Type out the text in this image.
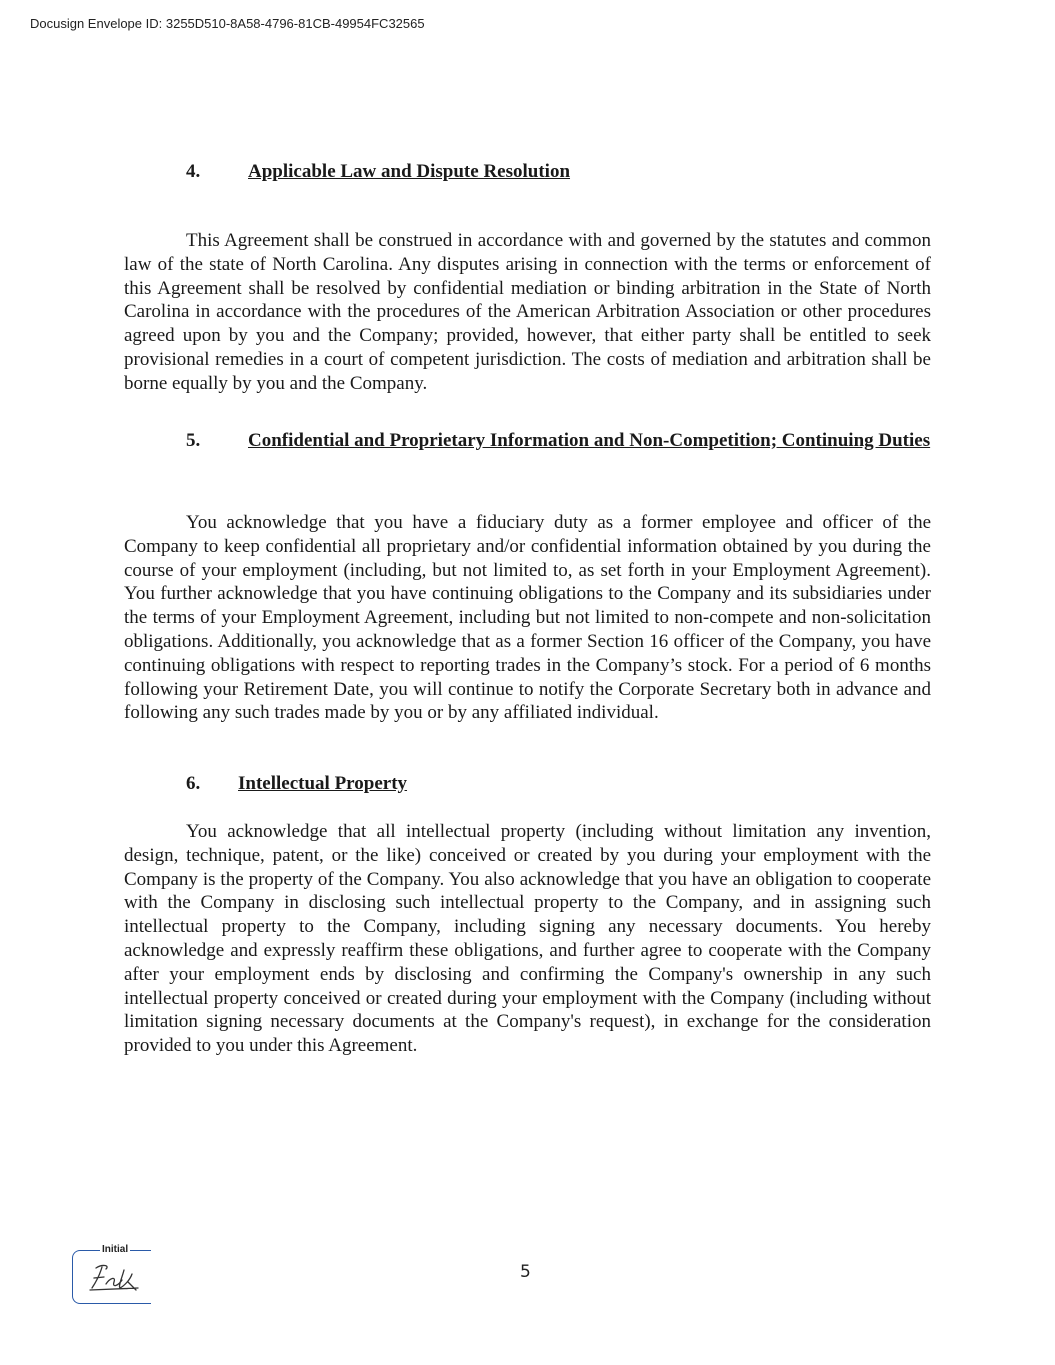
Docusign Envelope ID: 3255D510-8A58-4796-81CB-49954FC32565
4.	Applicable Law and Dispute Resolution

This Agreement shall be construed in accordance with and governed by the statutes and common law of the state of North Carolina. Any disputes arising in connection with the terms or enforcement of this Agreement shall be resolved by confidential mediation or binding arbitration in the State of North Carolina in accordance with the procedures of the American Arbitration Association or other procedures agreed upon by you and the Company; provided, however, that either party shall be entitled to seek provisional remedies in a court of competent jurisdiction. The costs of mediation and arbitration shall be borne equally by you and the Company.

5.	Confidential and Proprietary Information and Non-Competition; Continuing Duties

You acknowledge that you have a fiduciary duty as a former employee and officer of the Company to keep confidential all proprietary and/or confidential information obtained by you during the course of your employment (including, but not limited to, as set forth in your Employment Agreement). You further acknowledge that you have continuing obligations to the Company and its subsidiaries under the terms of your Employment Agreement, including but not limited to non-compete and non-solicitation obligations. Additionally, you acknowledge that as a former Section 16 officer of the Company, you have continuing obligations with respect to reporting trades in the Company’s stock. For a period of 6 months following your Retirement Date, you will continue to notify the Corporate Secretary both in advance and following any such trades made by you or by any affiliated individual.

6. Intellectual Property

You acknowledge that all intellectual property (including without limitation any invention, design, technique, patent, or the like) conceived or created by you during your employment with the Company is the property of the Company. You also acknowledge that you have an obligation to cooperate with the Company in disclosing such intellectual property to the Company, and in assigning such intellectual property to the Company, including signing any necessary documents. You hereby acknowledge and expressly reaffirm these obligations, and further agree to cooperate with the Company after your employment ends by disclosing and confirming the Company's ownership in any such intellectual property conceived or created during your employment with the Company (including without limitation signing necessary documents at the Company's request), in exchange for the consideration provided to you under this Agreement.

Initial
5
